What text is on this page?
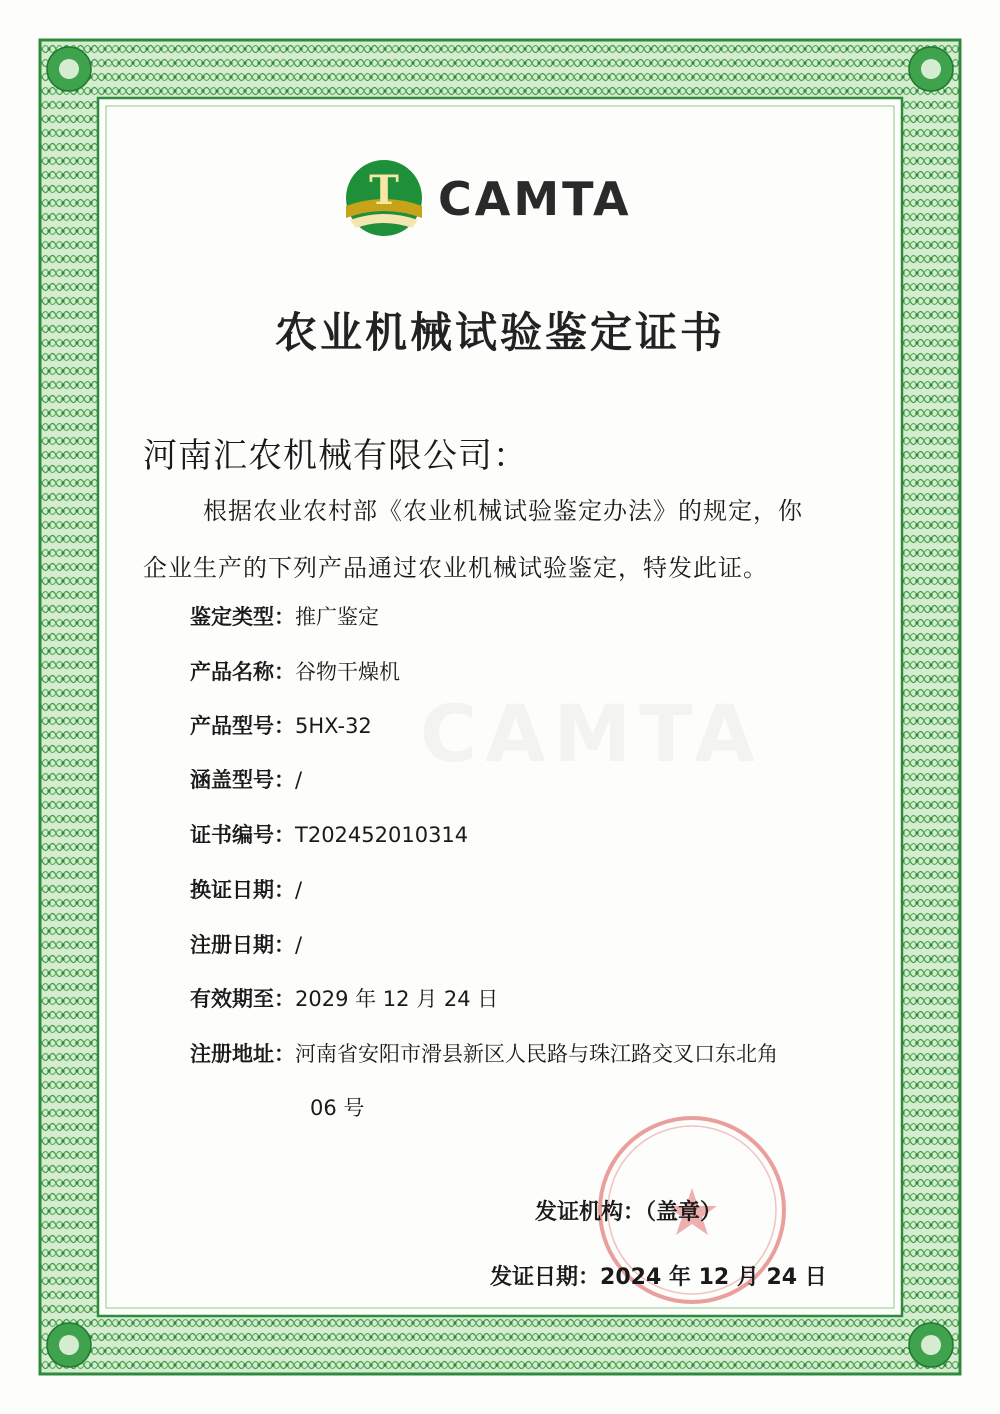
CAMTA
T CAMTA
农业机械试验鉴定证书
河南汇农机械有限公司：
根据农业农村部《农业机械试验鉴定办法》的规定，你
企业生产的下列产品通过农业机械试验鉴定，特发此证。
鉴定类型：推广鉴定
产品名称：谷物干燥机
产品型号：5HX-32
涵盖型号：/
证书编号：T202452010314
换证日期：/
注册日期：/
有效期至：2029 年 12 月 24 日
注册地址：河南省安阳市滑县新区人民路与珠江路交叉口东北角
06 号
发证机构：（盖章）
发证日期：2024 年 12 月 24 日
